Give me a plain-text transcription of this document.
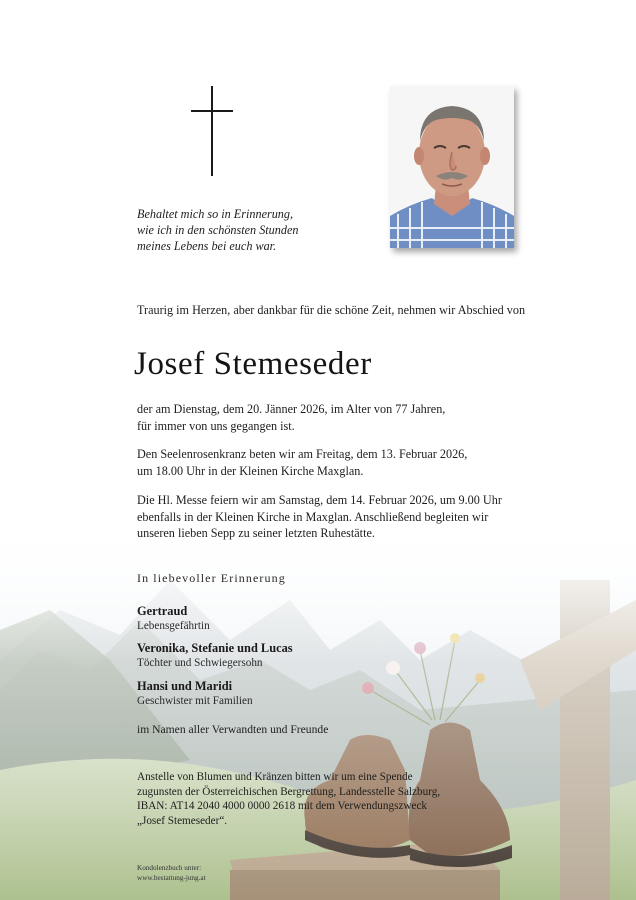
Behaltet mich so in Erinnerung,
wie ich in den schönsten Stunden
meines Lebens bei euch war.
Traurig im Herzen, aber dankbar für die schöne Zeit, nehmen wir Abschied von
Josef Stemeseder
der am Dienstag, dem 20. Jänner 2026, im Alter von 77 Jahren,
für immer von uns gegangen ist.
Den Seelenrosenkranz beten wir am Freitag, dem 13. Februar 2026,
um 18.00 Uhr in der Kleinen Kirche Maxglan.
Die Hl. Messe feiern wir am Samstag, dem 14. Februar 2026, um 9.00 Uhr
ebenfalls in der Kleinen Kirche in Maxglan. Anschließend begleiten wir
unseren lieben Sepp zu seiner letzten Ruhestätte.
In liebevoller Erinnerung
Gertraud
Lebensgefährtin
Veronika, Stefanie und Lucas
Töchter und Schwiegersohn
Hansi und Maridi
Geschwister mit Familien
im Namen aller Verwandten und Freunde
Anstelle von Blumen und Kränzen bitten wir um eine Spende
zugunsten der Österreichischen Bergrettung, Landesstelle Salzburg,
IBAN: AT14 2040 4000 0000 2618 mit dem Verwendungszweck
„Josef Stemeseder“.
Kondolenzbuch unter:
www.bestattung-jung.at
